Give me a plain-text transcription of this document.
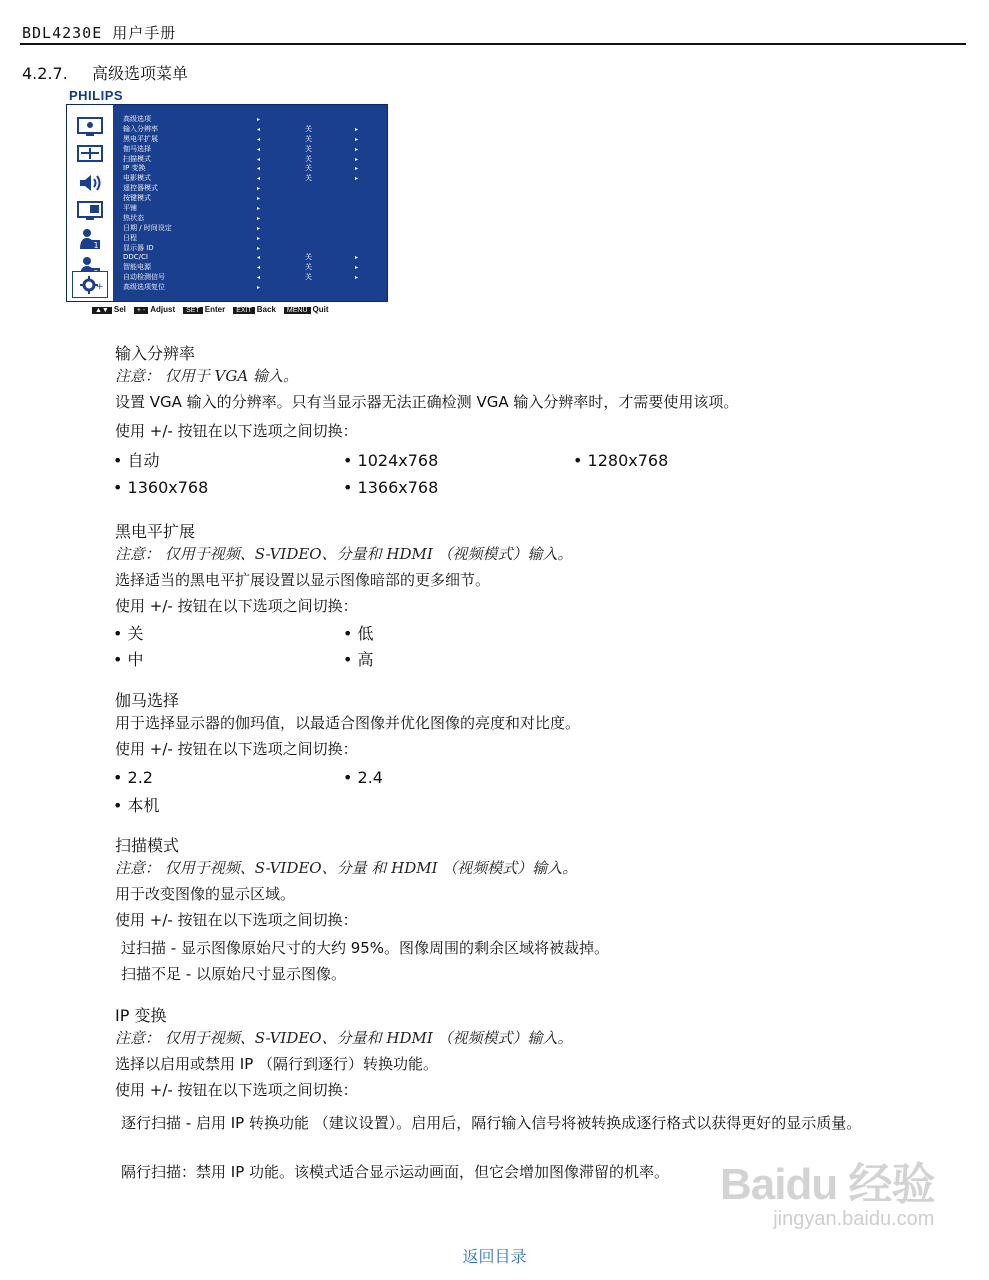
BDL4230E 用户手册
4.2.7. 高级选项菜单
PHILIPS
1
+
高级选项	▸
输入分辨率	◂	关	▸
黑电平扩展	◂	关	▸
伽马选择	◂	关	▸
扫描模式	◂	关	▸
IP 变换	◂	关	▸
电影模式	◂	关	▸
遥控器模式	▸
按键模式	▸
平铺	▸
热状态	▸
日期 / 时间设定	▸
日程	▸
显示器 ID	▸
DDC/CI	◂	关	▸
智能电源	◂	关	▸
自动检测信号	◂	关	▸
高级选项复位	▸
▲▼ Sel + - Adjust SET Enter EXIT Back MENU Quit
输入分辨率
注意： 仅用于 VGA 输入。
设置 VGA 输入的分辨率。只有当显示器无法正确检测 VGA 输入分辨率时，才需要使用该项。
使用 +/- 按钮在以下选项之间切换：
• 自动	• 1024x768	• 1280x768
• 1360x768	• 1366x768
黑电平扩展
注意： 仅用于视频、S-VIDEO、分量和 HDMI （视频模式）输入。
选择适当的黑电平扩展设置以显示图像暗部的更多细节。
使用 +/- 按钮在以下选项之间切换：
• 关	• 低
• 中	• 高
伽马选择
用于选择显示器的伽玛值，以最适合图像并优化图像的亮度和对比度。
使用 +/- 按钮在以下选项之间切换：
• 2.2	• 2.4
• 本机
扫描模式
注意： 仅用于视频、S-VIDEO、分量 和 HDMI （视频模式）输入。
用于改变图像的显示区域。
使用 +/- 按钮在以下选项之间切换：
过扫描 - 显示图像原始尺寸的大约 95%。图像周围的剩余区域将被裁掉。
扫描不足 - 以原始尺寸显示图像。
IP 变换
注意： 仅用于视频、S-VIDEO、分量和 HDMI （视频模式）输入。
选择以启用或禁用 IP （隔行到逐行）转换功能。
使用 +/- 按钮在以下选项之间切换：
逐行扫描 - 启用 IP 转换功能 （建议设置）。启用后，隔行输入信号将被转换成逐行格式以获得更好的显示质量。
隔行扫描：禁用 IP 功能。该模式适合显示运动画面，但它会增加图像滞留的机率。	Baidu 经验
jingyan.baidu.com
返回目录
